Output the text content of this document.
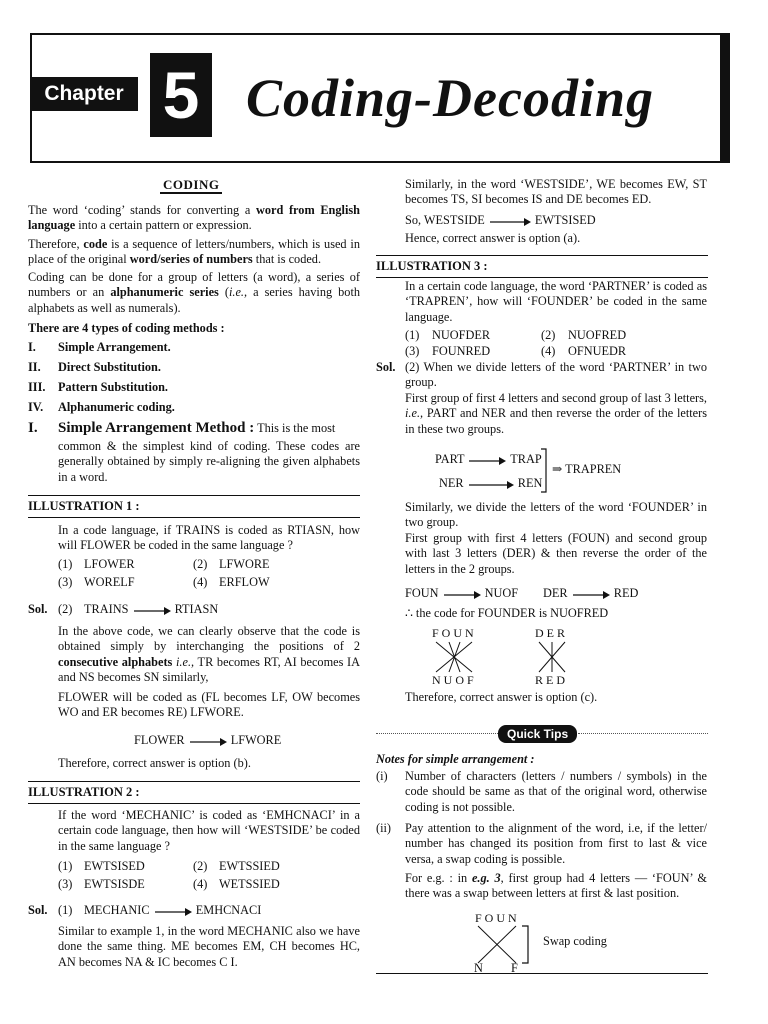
Chapter 5 Coding-Decoding
CODING
The word ‘coding’ stands for converting a word from English language into a certain pattern or expression.
Therefore, code is a sequence of letters/numbers, which is used in place of the original word/series of numbers that is coded.
Coding can be done for a group of letters (a word), a series of numbers or an alphanumeric series (i.e., a series having both alphabets as well as numerals).
There are 4 types of coding methods :
I. Simple Arrangement.
II. Direct Substitution.
III. Pattern Substitution.
IV. Alphanumeric coding.
I. Simple Arrangement Method : This is the most
common & the simplest kind of coding. These codes are generally obtained by simply re-aligning the given alphabets in a word.
ILLUSTRATION 1 :
In a code language, if TRAINS is coded as RTIASN, how will FLOWER be coded in the same language ?
(1) LFOWER	(2) LFWORE
(3) WORELF	(4) ERFLOW
Sol. (2) TRAINS	RTIASN
In the above code, we can clearly observe that the code is obtained simply by interchanging the positions of 2 consecutive alphabets i.e., TR becomes RT, AI becomes IA and NS becomes SN similarly,
FLOWER will be coded as (FL becomes LF, OW becomes WO and ER becomes RE) LFWORE.
FLOWER	LFWORE
Therefore, correct answer is option (b).
ILLUSTRATION 2 :
If the word ‘MECHANIC’ is coded as ‘EMHCNACI’ in a certain code language, then how will ‘WESTSIDE’ be coded in the same language ?
(1) EWTSISED	(2) EWTSSIED
(3) EWTSISDE	(4) WETSSIED
Sol. (1) MECHANIC	EMHCNACI
Similar to example 1, in the word MECHANIC also we have done the same thing. ME becomes EM, CH becomes HC, AN becomes NA & IC becomes C I.
Similarly, in the word ‘WESTSIDE’, WE becomes EW, ST becomes TS, SI becomes IS and DE becomes ED.
So, WESTSIDE	EWTSISED
Hence, correct answer is option (a).
ILLUSTRATION 3 :
In a certain code language, the word ‘PARTNER’ is coded as ‘TRAPREN’, how will ‘FOUNDER’ be coded in the same language.
(1) NUOFDER	(2) NUOFRED
(3) FOUNRED	(4) OFNUEDR
Sol. (2) When we divide letters of the word ‘PARTNER’ in two group.
First group of first 4 letters and second group of last 3 letters, i.e., PART and NER and then reverse the order of the letters in these two groups.
PART	TRAP
NER	REN
⇒ TRAPREN
Similarly, we divide the letters of the word ‘FOUNDER’ in two group.
First group with first 4 letters (FOUN) and second group with last 3 letters (DER) & then reverse the order of the letters in the 2 groups.
FOUN	NUOF DER	RED
∴ the code for FOUNDER is NUOFRED
FOUN
NUOF
DER
RED
Therefore, correct answer is option (c).
Quick Tips
Notes for simple arrangement :
(i) Number of characters (letters / numbers / symbols) in the code should be same as that of the original word, otherwise coding is not possible.
(ii) Pay attention to the alignment of the word, i.e, if the letter/ number has changed its position from first to last & vice versa, a swap coding is possible.
For e.g. : in e.g. 3, first group had 4 letters — ‘FOUN’ & there was a swap between letters at first & last position.
FOUN
N F
Swap coding
